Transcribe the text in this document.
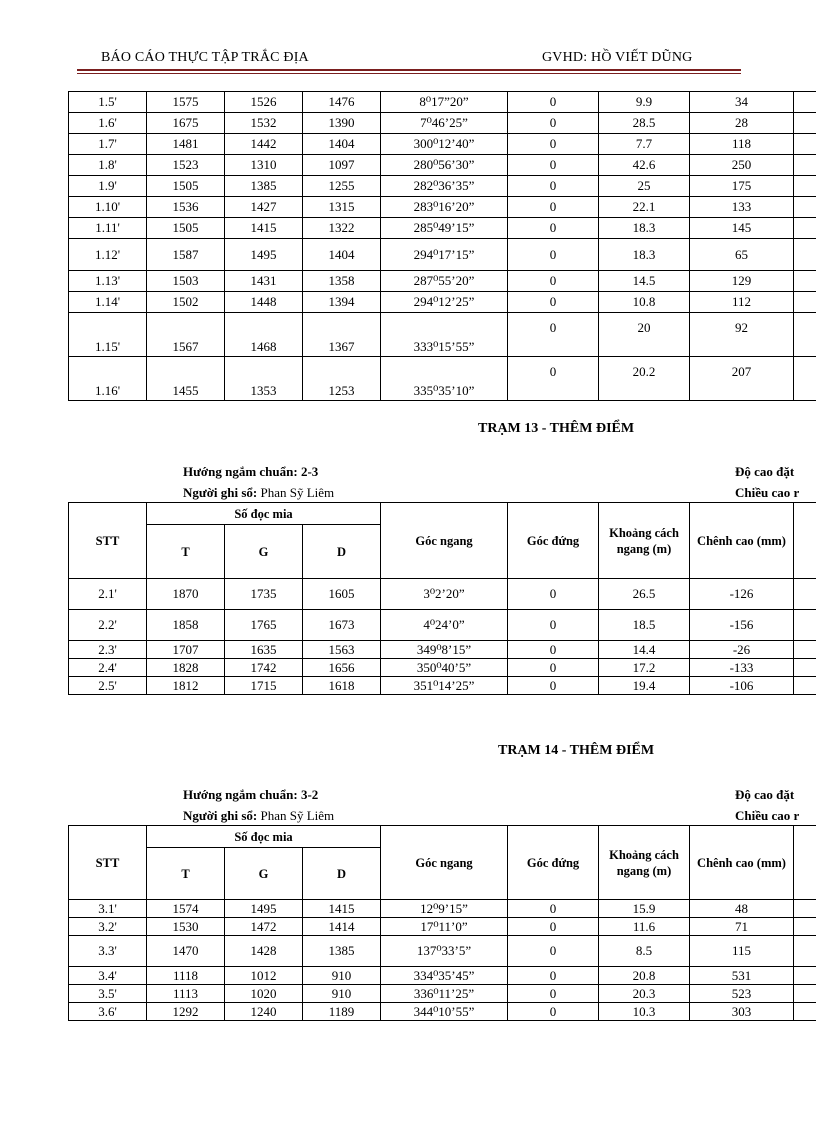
BÁO CÁO THỰC TẬP TRẮC ĐỊA	GVHD: HỒ VIẾT DŨNG
1.5'	1575	1526	1476	8⁰17”20”	0	9.9	34	
1.6'	1675	1532	1390	7⁰46’25”	0	28.5	28	
1.7'	1481	1442	1404	300⁰12’40”	0	7.7	118	
1.8'	1523	1310	1097	280⁰56’30”	0	42.6	250	
1.9'	1505	1385	1255	282⁰36’35”	0	25	175	
1.10'	1536	1427	1315	283⁰16’20”	0	22.1	133	
1.11'	1505	1415	1322	285⁰49’15”	0	18.3	145	
1.12'	1587	1495	1404	294⁰17’15”	0	18.3	65	
1.13'	1503	1431	1358	287⁰55’20”	0	14.5	129	
1.14'	1502	1448	1394	294⁰12’25”	0	10.8	112	
1.15'	1567	1468	1367	333⁰15’55”	0	20	92	
1.16'	1455	1353	1253	335⁰35’10”	0	20.2	207	
TRẠM 13 - THÊM ĐIỂM
Hướng ngắm chuẩn: 2-3
Người ghi sổ: Phan Sỹ Liêm
Độ cao đặt
Chiều cao r
STT	Số đọc mia			Góc ngang	Góc đứng	Khoảng cách ngang (m)	Chênh cao (mm)	
	T	G	D					
2.1'	1870	1735	1605	3⁰2’20”	0	26.5	-126	
2.2'	1858	1765	1673	4⁰24’0”	0	18.5	-156	
2.3'	1707	1635	1563	349⁰8’15”	0	14.4	-26	
2.4'	1828	1742	1656	350⁰40’5”	0	17.2	-133	
2.5'	1812	1715	1618	351⁰14’25”	0	19.4	-106	
TRẠM 14 - THÊM ĐIỂM
Hướng ngắm chuẩn: 3-2
Người ghi sổ: Phan Sỹ Liêm
Độ cao đặt
Chiều cao r
STT	Số đọc mia			Góc ngang	Góc đứng	Khoảng cách ngang (m)	Chênh cao (mm)	
	T	G	D					
3.1'	1574	1495	1415	12⁰9’15”	0	15.9	48	
3.2'	1530	1472	1414	17⁰11’0”	0	11.6	71	
3.3'	1470	1428	1385	137⁰33’5”	0	8.5	115	
3.4'	1118	1012	910	334⁰35’45”	0	20.8	531	
3.5'	1113	1020	910	336⁰11’25”	0	20.3	523	
3.6'	1292	1240	1189	344⁰10’55”	0	10.3	303	
